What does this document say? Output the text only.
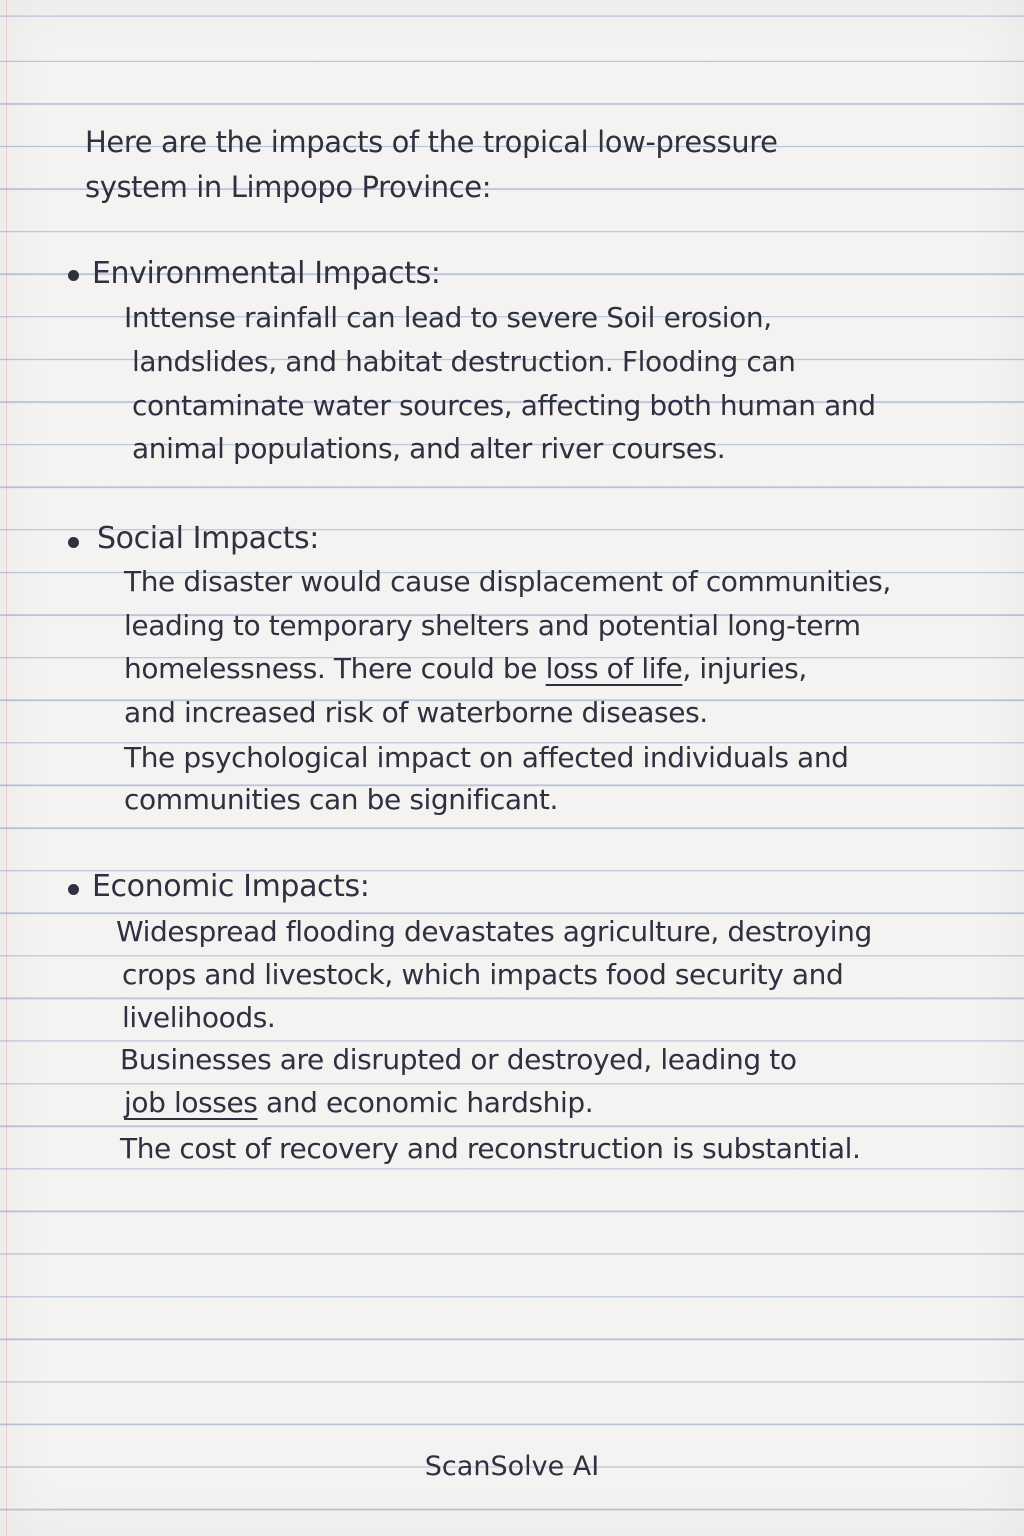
Here are the impacts of the tropical low-pressure

system in Limpopo Province:

Environmental Impacts:

Inttense rainfall can lead to severe Soil erosion,

landslides, and habitat destruction. Flooding can

contaminate water sources, affecting both human and

animal populations, and alter river courses.

Social Impacts:

The disaster would cause displacement of communities,

leading to temporary shelters and potential long-term

homelessness. There could be loss of life, injuries,

and increased risk of waterborne diseases.

The psychological impact on affected individuals and

communities can be significant.

Economic Impacts:

Widespread flooding devastates agriculture, destroying

crops and livestock, which impacts food security and

livelihoods.

Businesses are disrupted or destroyed, leading to

job losses and economic hardship.

The cost of recovery and reconstruction is substantial.

ScanSolve AI
